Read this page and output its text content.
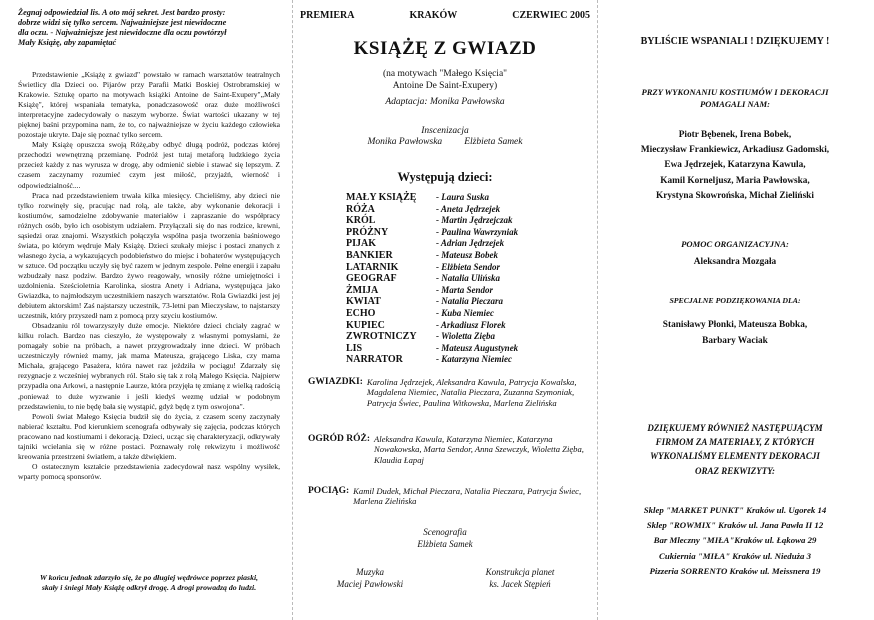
Żegnaj odpowiedział lis. A oto mój sekret. Jest bardzo prosty:
dobrze widzi się tylko sercem. Najważniejsze jest niewidoczne
dla oczu. - Najważniejsze jest niewidoczne dla oczu powtórzył
Mały Książę, aby zapamiętać

Przedstawienie „Książę z gwiazd" powstało w ramach warsztatów teatralnych Świetlicy dla Dzieci oo. Pijarów przy Parafii Matki Boskiej Ostrobramskiej w Krakowie. Sztukę oparto na motywach książki Antoine de Saint-Exupery"„Mały Książę", której wspaniała tematyka, ponadczasowość oraz duże możliwości interpretacyjne zadecydowały o naszym wyborze. Świat wartości ukazany w tej pięknej baśni przypomina nam, że to, co najważniejsze w życiu każdego człowieka pozostaje ukryte. Daje się poznać tylko sercem.

Mały Książę opuszcza swoją Różę,aby odbyć długą podróż, podczas której przechodzi wewnętrzną przemianę. Podróż jest tutaj metaforą ludzkiego życia przecież każdy z nas wyrusza w drogę, aby odmienić siebie i stawać się lepszym. Z czasem zaczynamy rozumieć czym jest miłość, przyjaźń, wierność i odpowiedzialność....

Praca nad przedstawieniem trwała kilka miesięcy. Chcieliśmy, aby dzieci nie tylko rozwinęły się, pracując nad rolą, ale także, aby wykonanie dekoracji i kostiumów, samodzielne zdobywanie materiałów i zapraszanie do współpracy różnych osób, było ich osobistym udziałem. Przyłączali się do nas rodzice, krewni, sąsiedzi oraz znajomi. Wszystkich połączyła wspólna pasja tworzenia baśniowego świata, po którym wędruje Mały Książę. Dzieci szukały miejsc i postaci znanych z własnego życia, a wykazujących podobieństwo do miejsc i bohaterów występujących w sztuce. Od początku uczyły się być razem w jednym zespole. Pełne energii i zapału wzbudzały nasz podziw. Bardzo żywo reagowały, wnosiły różne umiejętności i uzdolnienia. Sześcioletnia Karolinka, siostra Anety i Adriana, występująca jako Gwiazdka, to najmłodszym uczestnikiem naszych warsztatów. Rola Gwiazdki jest jej debiutem aktorskim! Zaś najstarszy uczestnik, 73-letni pan Mieczysław, to najstarszy uczestnik, który przyszedł nam z pomocą przy szyciu kostiumów.

Obsadzaniu ról towarzyszyły duże emocje. Niektóre dzieci chciały zagrać w kilku rolach. Bardzo nas cieszyło, że występowały z własnymi pomysłami, że pomagały sobie na próbach, a nawet przygrowadzały inne dzieci. W próbach uczestniczyły również mamy, jak mama Mateusza, grającego Liska, czy mama Michała, grającego Pasażera, która nawet raz jeździła w pociągu! Zdarzały się rezygnacje z wcześniej wybranych ról. Stało się tak z rolą Małego Księcia. Najpierw przypadła ona Arkowi, a następnie Laurze, która przyjęła tę zmianę z wielką radością ,ponieważ to duże wyzwanie i jeśli kiedyś wezmę udział w podobnym przedstawieniu, to nie będę bała się wystąpić, gdyż będę z tym oswojona".

Powoli świat Małego Księcia budził się do życia, z czasem sceny zaczynały nabierać kształtu. Pod kierunkiem scenografa odbywały się zajęcia, podczas których pracowano nad kostiumami i dekoracją. Dzieci, ucząc się charakteryzacji, odkrywały tajniki wcielania się w różne postaci. Poznawały rolę rekwizytu i możliwość kreowania przestrzeni światłem, a także dźwiękiem.

O ostatecznym kształcie przedstawienia zadecydował nasz wspólny wysiłek, wparty pomocą sponsorów.

W końcu jednak zdarzyło się, że po długiej wędrówce poprzez piaski,
skały i śniegi Mały Książę odkrył drogę. A drogi prowadzą do ludzi.
PREMIERA	KRAKÓW	CZERWIEC 2005
KSIĄŻĘ Z GWIAZD
(na motywach "Małego Księcia"
Antoine De Saint-Exupery)
Adaptacja: Monika Pawłowska
Inscenizacja
Monika Pawłowska Elżbieta Samek
Występują dzieci:
MAŁY KSIĄŻĘ	- Laura Suska
RÓŻA	- Aneta Jędrzejek
KRÓL	- Martin Jędrzejczak
PRÓŻNY	- Paulina Wawrzyniak
PIJAK	- Adrian Jędrzejek
BANKIER	- Mateusz Bobek
LATARNIK	- Elżbieta Sendor
GEOGRAF	- Natalia Ulińska
ŻMIJA	- Marta Sendor
KWIAT	- Natalia Pieczara
ECHO	- Kuba Niemiec
KUPIEC	- Arkadiusz Florek
ZWROTNICZY	- Wioletta Zięba
LIS	- Mateusz Augustynek
NARRATOR	- Katarzyna Niemiec
GWIAZDKI: Karolina Jędrzejek, Aleksandra Kawula, Patrycja Kowalska, Magdalena Niemiec, Natalia Pieczara, Zuzanna Szymoniak, Patrycja Świec, Paulina Witkowska, Marlena Zielińska
OGRÓD RÓŻ: Aleksandra Kawula, Katarzyna Niemiec, Katarzyna Nowakowska, Marta Sendor, Anna Szewczyk, Wioletta Zięba, Klaudia Łapaj
POCIĄG: Kamil Dudek, Michał Pieczara, Natalia Pieczara, Patrycja Świec, Marlena Zielińska
Scenografia
Elżbieta Samek
Muzyka
Maciej Pawłowski
Konstrukcja planet
ks. Jacek Stępień
BYLIŚCIE WSPANIALI ! DZIĘKUJEMY !
PRZY WYKONANIU KOSTIUMÓW I DEKORACJI
POMAGALI NAM:
Piotr Bębenek, Irena Bobek,
Mieczysław Frankiewicz, Arkadiusz Gadomski,
Ewa Jędrzejek, Katarzyna Kawula,
Kamil Korneljusz, Maria Pawłowska,
Krystyna Skowrońska, Michał Zieliński
POMOC ORGANIZACYJNA:
Aleksandra Mozgała
SPECJALNE PODZIĘKOWANIA DLA:
Stanisławy Płonki, Mateusza Bobka,
Barbary Waciak
DZIĘKUJEMY RÓWNIEŻ NASTĘPUJĄCYM
FIRMOM ZA MATERIAŁY, Z KTÓRYCH
WYKONALIŚMY ELEMENTY DEKORACJI
ORAZ REKWIZYTY:
Sklep "MARKET PUNKT" Kraków ul. Ugorek 14
Sklep "ROWMIX" Kraków ul. Jana Pawła II 12
Bar Mleczny "MIŁA"Kraków ul. Łąkowa 29
Cukiernia "MIŁA" Kraków ul. Nieduża 3
Pizzeria SORRENTO Kraków ul. Meissnera 19
